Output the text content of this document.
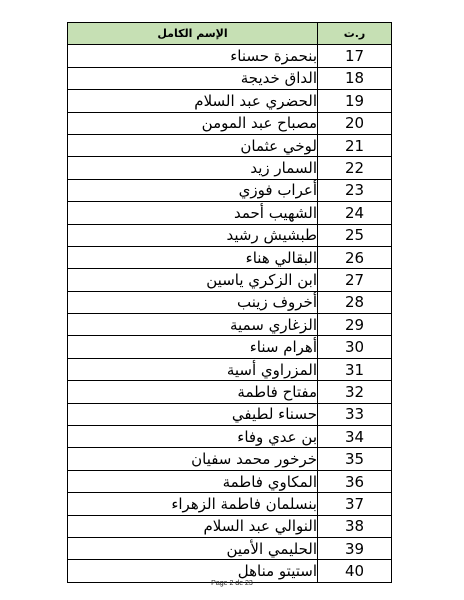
الإسم الكامل	ر.ت
بنحمزة حسناء	17
الداق خديجة	18
الحضري عبد السلام	19
مصباح عبد المومن	20
لوخي عثمان	21
السمار زيد	22
أعراب فوزي	23
الشهيب أحمد	24
طبشيش رشيد	25
البقالي هناء	26
ابن الزكري ياسين	27
أخروف زينب	28
الزغاري سمية	29
أهرام سناء	30
المزراوي أسية	31
مفتاح فاطمة	32
حسناء لطيفي	33
بن عدي وفاء	34
خرخور محمد سفيان	35
المكاوي فاطمة	36
بنسلمان فاطمة الزهراء	37
النوالي عبد السلام	38
الحليمي الأمين	39
استيتو مناهل	40
Page 2 de 23
